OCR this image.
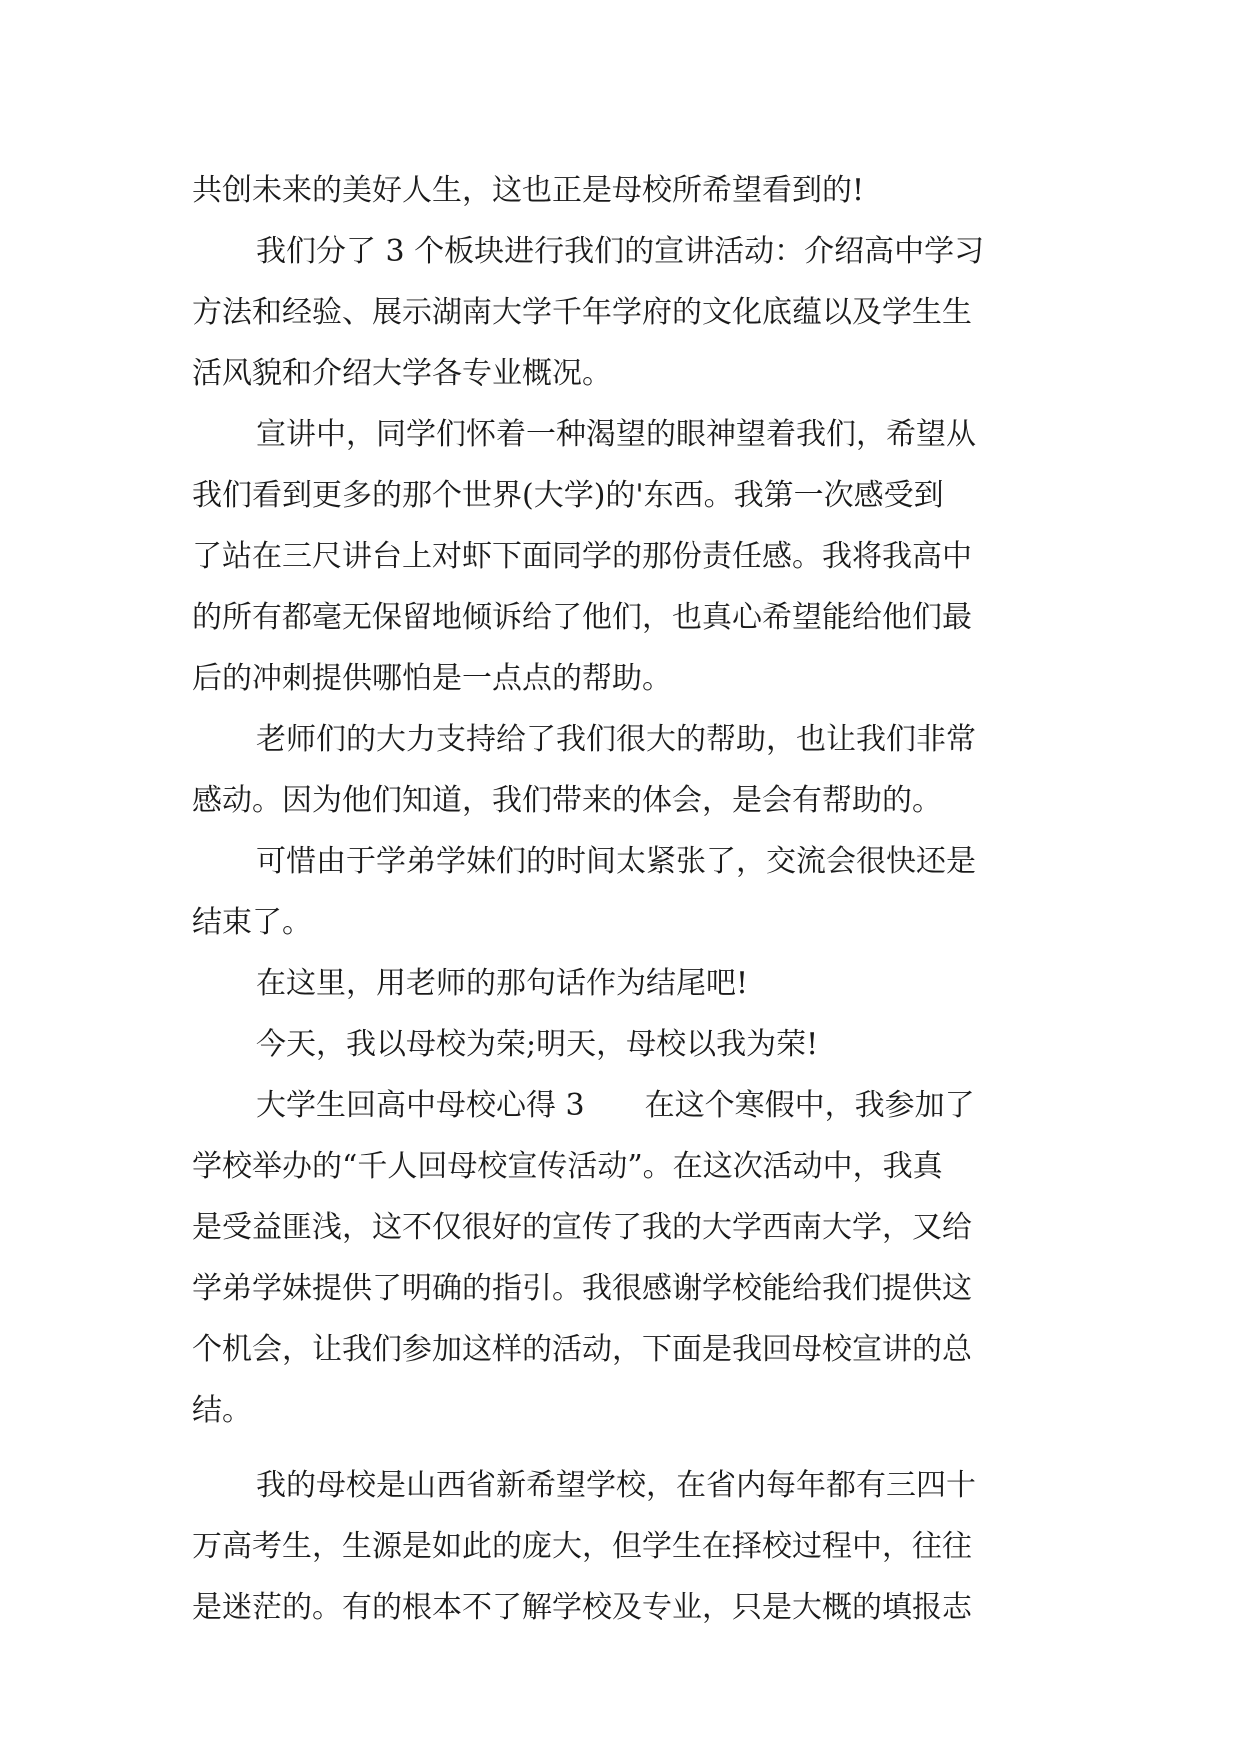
共创未来的美好人生，这也正是母校所希望看到的!
我们分了 3 个板块进行我们的宣讲活动：介绍高中学习
方法和经验、展示湖南大学千年学府的文化底蕴以及学生生
活风貌和介绍大学各专业概况。
宣讲中，同学们怀着一种渴望的眼神望着我们，希望从
我们看到更多的那个世界(大学)的'东西。我第一次感受到
了站在三尺讲台上对虾下面同学的那份责任感。我将我高中
的所有都毫无保留地倾诉给了他们，也真心希望能给他们最
后的冲刺提供哪怕是一点点的帮助。
老师们的大力支持给了我们很大的帮助，也让我们非常
感动。因为他们知道，我们带来的体会，是会有帮助的。
可惜由于学弟学妹们的时间太紧张了，交流会很快还是
结束了。
在这里，用老师的那句话作为结尾吧!
今天，我以母校为荣;明天，母校以我为荣!
大学生回高中母校心得 3　　在这个寒假中，我参加了
学校举办的“千人回母校宣传活动”。在这次活动中，我真
是受益匪浅，这不仅很好的宣传了我的大学西南大学，又给
学弟学妹提供了明确的指引。我很感谢学校能给我们提供这
个机会，让我们参加这样的活动，下面是我回母校宣讲的总
结。
我的母校是山西省新希望学校，在省内每年都有三四十
万高考生，生源是如此的庞大，但学生在择校过程中，往往
是迷茫的。有的根本不了解学校及专业，只是大概的填报志
